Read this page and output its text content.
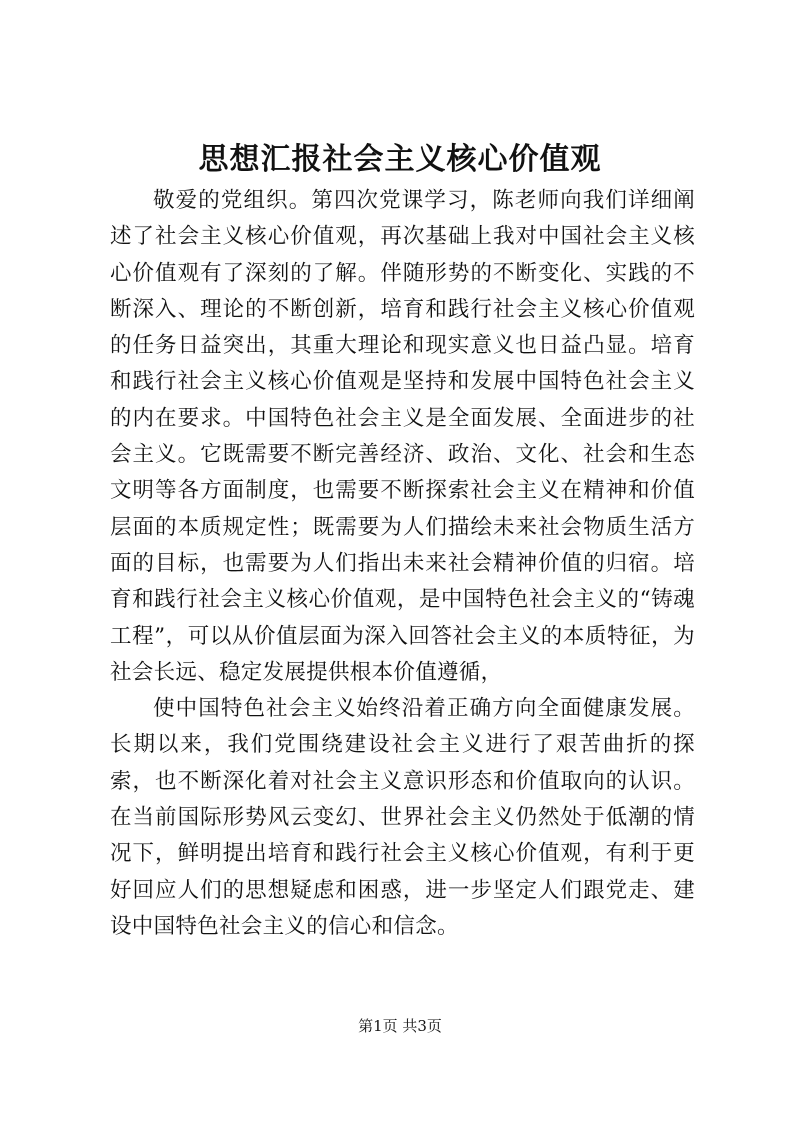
思想汇报社会主义核心价值观

敬爱的党组织。第四次党课学习，陈老师向我们详细阐述了社会主义核心价值观，再次基础上我对中国社会主义核心价值观有了深刻的了解。伴随形势的不断变化、实践的不断深入、理论的不断创新，培育和践行社会主义核心价值观的任务日益突出，其重大理论和现实意义也日益凸显。培育和践行社会主义核心价值观是坚持和发展中国特色社会主义的内在要求。中国特色社会主义是全面发展、全面进步的社会主义。它既需要不断完善经济、政治、文化、社会和生态文明等各方面制度，也需要不断探索社会主义在精神和价值层面的本质规定性；既需要为人们描绘未来社会物质生活方面的目标，也需要为人们指出未来社会精神价值的归宿。培育和践行社会主义核心价值观，是中国特色社会主义的“铸魂工程”，可以从价值层面为深入回答社会主义的本质特征，为社会长远、稳定发展提供根本价值遵循，

使中国特色社会主义始终沿着正确方向全面健康发展。长期以来，我们党围绕建设社会主义进行了艰苦曲折的探索，也不断深化着对社会主义意识形态和价值取向的认识。在当前国际形势风云变幻、世界社会主义仍然处于低潮的情况下，鲜明提出培育和践行社会主义核心价值观，有利于更好回应人们的思想疑虑和困惑，进一步坚定人们跟党走、建设中国特色社会主义的信心和信念。

第1页 共3页
